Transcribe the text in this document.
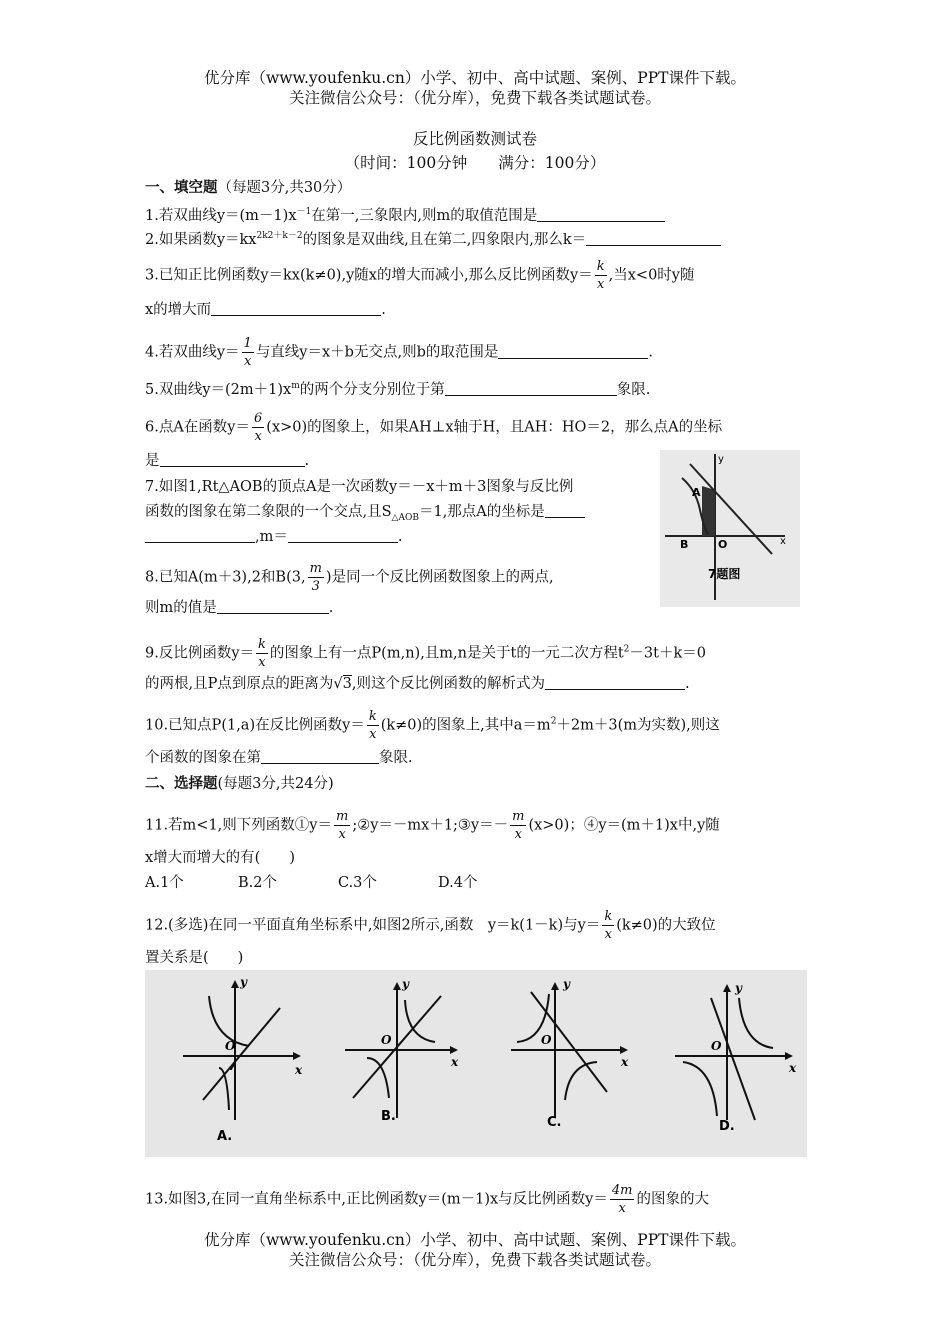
优分库（www.youfenku.cn）小学、初中、高中试题、案例、PPT课件下载。
关注微信公众号：（优分库），免费下载各类试题试卷。
反比例函数测试卷
（时间：100分钟　　满分：100分）
一、填空题（每题3分,共30分）
1.若双曲线$y=(m-1)x^{-1}$在第一,三象限内,则m的取值范围是
2.如果函数$y=kx^{2k2+k-2}$的图象是双曲线,且在第二,四象限内,那么k＝
3.已知正比例函数y＝kx(k≠0),y随x的增大而减小,那么反比例函数$y= \frac{k}{x}$ ,当x<0时y随
x的增大而	.
4.若双曲线$y= \frac{1}{x}$ 与直线y＝x＋b无交点,则b的取范围是	.
5.双曲线$y=(2m+1)x^m$的两个分支分别位于第	象限.
6.点A在函数$y= \frac{6}{x} (x>0)$的图象上，如果AH⊥x轴于H，且AH：HO＝2，那么点A的坐标
是	.
A
B	O	x
y
7题图
7.如图1,Rt△AOB的顶点A是一次函数y＝－x＋m＋3图象与反比例
函数的图象在第二象限的一个交点,且$S_{\triangle AOB}=1$,那点A的坐标是
,m＝	.
8.已知A(m＋3),2和B(3, $\frac{m}{3}$ )是同一个反比例函数图象上的两点,
则m的值是	.
9.反比例函数$y= \frac{k}{x}$ 的图象上有一点P(m,n),且m,n是关于t的一元二次方程$t^2-3t+k=0$
的两根,且P点到原点的距离为√3,则这个反比例函数的解析式为	.
10.已知点P(1,a)在反比例函数$y= \frac{k}{x} (k\ne 0)$的图象上,其中$a=m^2+2m+3(m$为实数),则这
个函数的图象在第	象限.
二、选择题(每题3分,共24分)
11.若m<1,则下列函数①y＝ $\frac{m}{x}$ ;②y＝－mx＋1;③y＝－ $\frac{m}{x} (x>0)$；④y＝(m＋1)x中,y随
x增大而增大的有(　　)
A.1个	B.2个	C.3个	D.4个
12.(多选)在同一平面直角坐标系中,如图2所示,函数　y＝k(1－k)与$y= \frac{k}{x} (k\ne 0)$的大致位
置关系是(　　)
y
x
O
A.
y
x
O
B.
y
x
O
C.
y
x
O
D.
13.如图3,在同一直角坐标系中,正比例函数y＝(m－1)x与反比例函数$y= \frac{4m}{x}$ 的图象的大
优分库（www.youfenku.cn）小学、初中、高中试题、案例、PPT课件下载。
关注微信公众号：（优分库），免费下载各类试题试卷。
